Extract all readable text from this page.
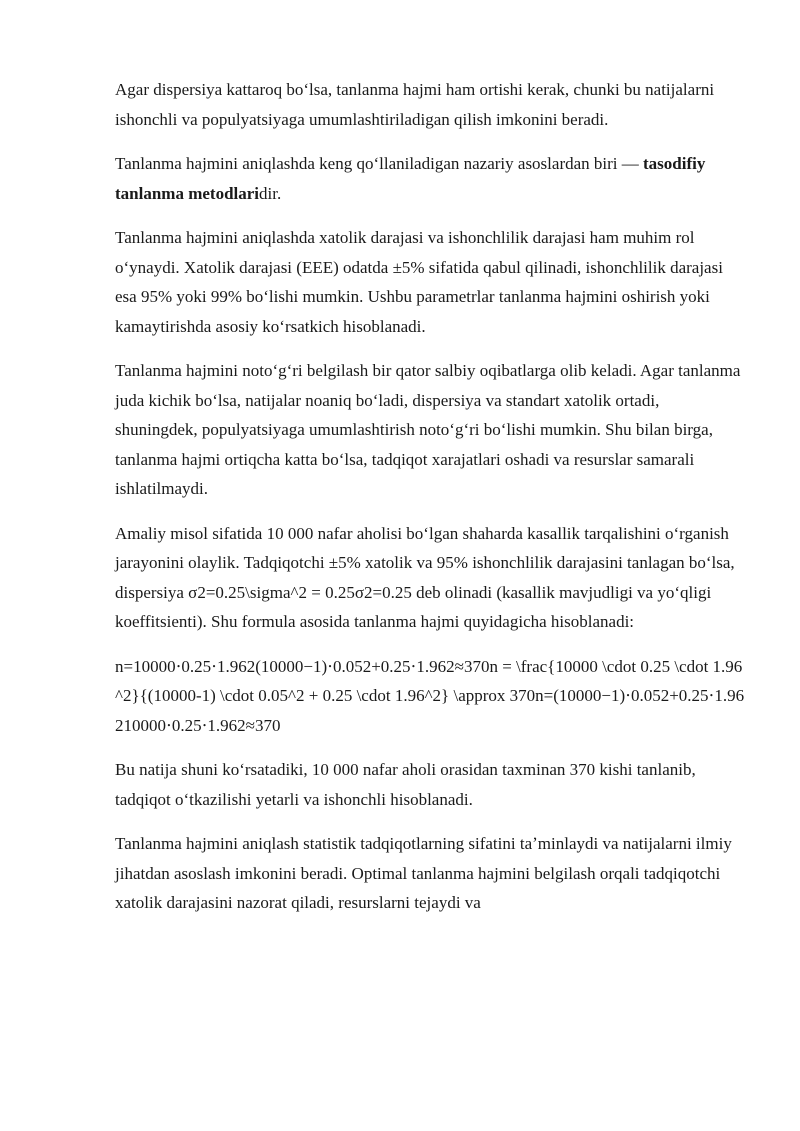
Agar dispersiya kattaroq boʻlsa, tanlanma hajmi ham ortishi kerak, chunki bu natijalarni ishonchli va populyatsiyaga umumlashtiriladigan qilish imkonini beradi.

Tanlanma hajmini aniqlashda keng qoʻllaniladigan nazariy asoslardan biri — tasodifiy tanlanma metodlaridir.

Tanlanma hajmini aniqlashda xatolik darajasi va ishonchlilik darajasi ham muhim rol oʻynaydi. Xatolik darajasi (EEE) odatda ±5% sifatida qabul qilinadi, ishonchlilik darajasi esa 95% yoki 99% boʻlishi mumkin. Ushbu parametrlar tanlanma hajmini oshirish yoki kamaytirishda asosiy koʻrsatkich hisoblanadi.

Tanlanma hajmini notoʻgʻri belgilash bir qator salbiy oqibatlarga olib keladi. Agar tanlanma juda kichik boʻlsa, natijalar noaniq boʻladi, dispersiya va standart xatolik ortadi, shuningdek, populyatsiyaga umumlashtirish notoʻgʻri boʻlishi mumkin. Shu bilan birga, tanlanma hajmi ortiqcha katta boʻlsa, tadqiqot xarajatlari oshadi va resurslar samarali ishlatilmaydi.

Amaliy misol sifatida 10 000 nafar aholisi boʻlgan shaharda kasallik tarqalishini oʻrganish jarayonini olaylik. Tadqiqotchi ±5% xatolik va 95% ishonchlilik darajasini tanlagan boʻlsa, dispersiya σ2=0.25\sigma^2 = 0.25σ2=0.25 deb olinadi (kasallik mavjudligi va yoʻqligi koeffitsienti). Shu formula asosida tanlanma hajmi quyidagicha hisoblanadi:

n=10000⋅0.25⋅1.962(10000−1)⋅0.052+0.25⋅1.962≈370n = \frac{10000 \cdot 0.25 \cdot 1.96^2}{(10000-1) \cdot 0.05^2 + 0.25 \cdot 1.96^2} \approx 370n=(10000−1)⋅0.052+0.25⋅1.96210000⋅0.25⋅1.962≈370

Bu natija shuni koʻrsatadiki, 10 000 nafar aholi orasidan taxminan 370 kishi tanlanib, tadqiqot oʻtkazilishi yetarli va ishonchli hisoblanadi.

Tanlanma hajmini aniqlash statistik tadqiqotlarning sifatini taʼminlaydi va natijalarni ilmiy jihatdan asoslash imkonini beradi. Optimal tanlanma hajmini belgilash orqali tadqiqotchi xatolik darajasini nazorat qiladi, resurslarni tejaydi va
